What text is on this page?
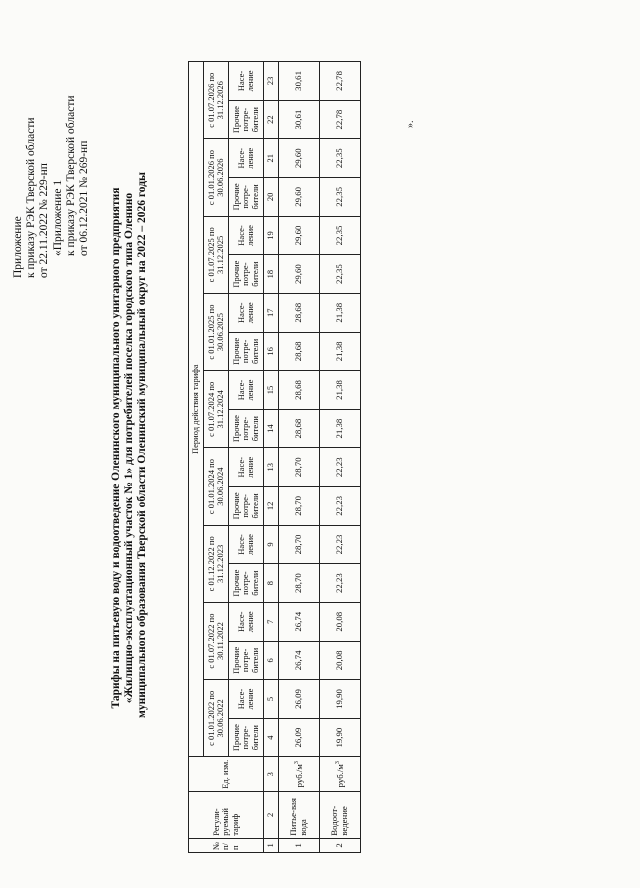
Приложение к приказу РЭК Тверской области от 22.11.2022 № 229-нп «Приложение 1 к приказу РЭК Тверской области от 06.12.2021 № 269-нп Тарифы на питьевую воду и водоотведение Оленинского муниципального унитарного предприятия «Жилищно-эксплуатационный участок № 1» для потребителей поселка городского типа Оленино муниципального образования Тверской области Оленинский муниципальный округ на 2022 – 2026 годы
№ п/п	Регули-руемый тариф	Ед. изм.	Период действия тарифа																	
			с 01.01.2022 по 30.06.2022		с 01.07.2022 по 30.11.2022		с 01.12.2022 по 31.12.2023		с 01.01.2024 по 30.06.2024		с 01.07.2024 по 31.12.2024		с 01.01.2025 по 30.06.2025		с 01.07.2025 по 31.12.2025		с 01.01.2026 по 30.06.2026		с 01.07.2026 по 31.12.2026	
			Прочие потре-бители	Насе-ление	Прочие потре-бители	Насе-ление	Прочие потре-бители	Насе-ление	Прочие потре-бители	Насе-ление	Прочие потре-бители	Насе-ление	Прочие потре-бители	Насе-ление	Прочие потре-бители	Насе-ление	Прочие потре-бители	Насе-ление	Прочие потре-бители	Насе-ление
1	2	3	4	5	6	7	8	9	12	13	14	15	16	17	18	19	20	21	22	23
1	Питье-вая вода	$руб./м^3$	26,09	26,09	26,74	26,74	28,70	28,70	28,70	28,70	28,68	28,68	28,68	28,68	29,60	29,60	29,60	29,60	30,61	30,61
2	Водоот-ведение	$руб./м^3$	19,90	19,90	20,08	20,08	22,23	22,23	22,23	22,23	21,38	21,38	21,38	21,38	22,35	22,35	22,35	22,35	22,78	22,78
».
